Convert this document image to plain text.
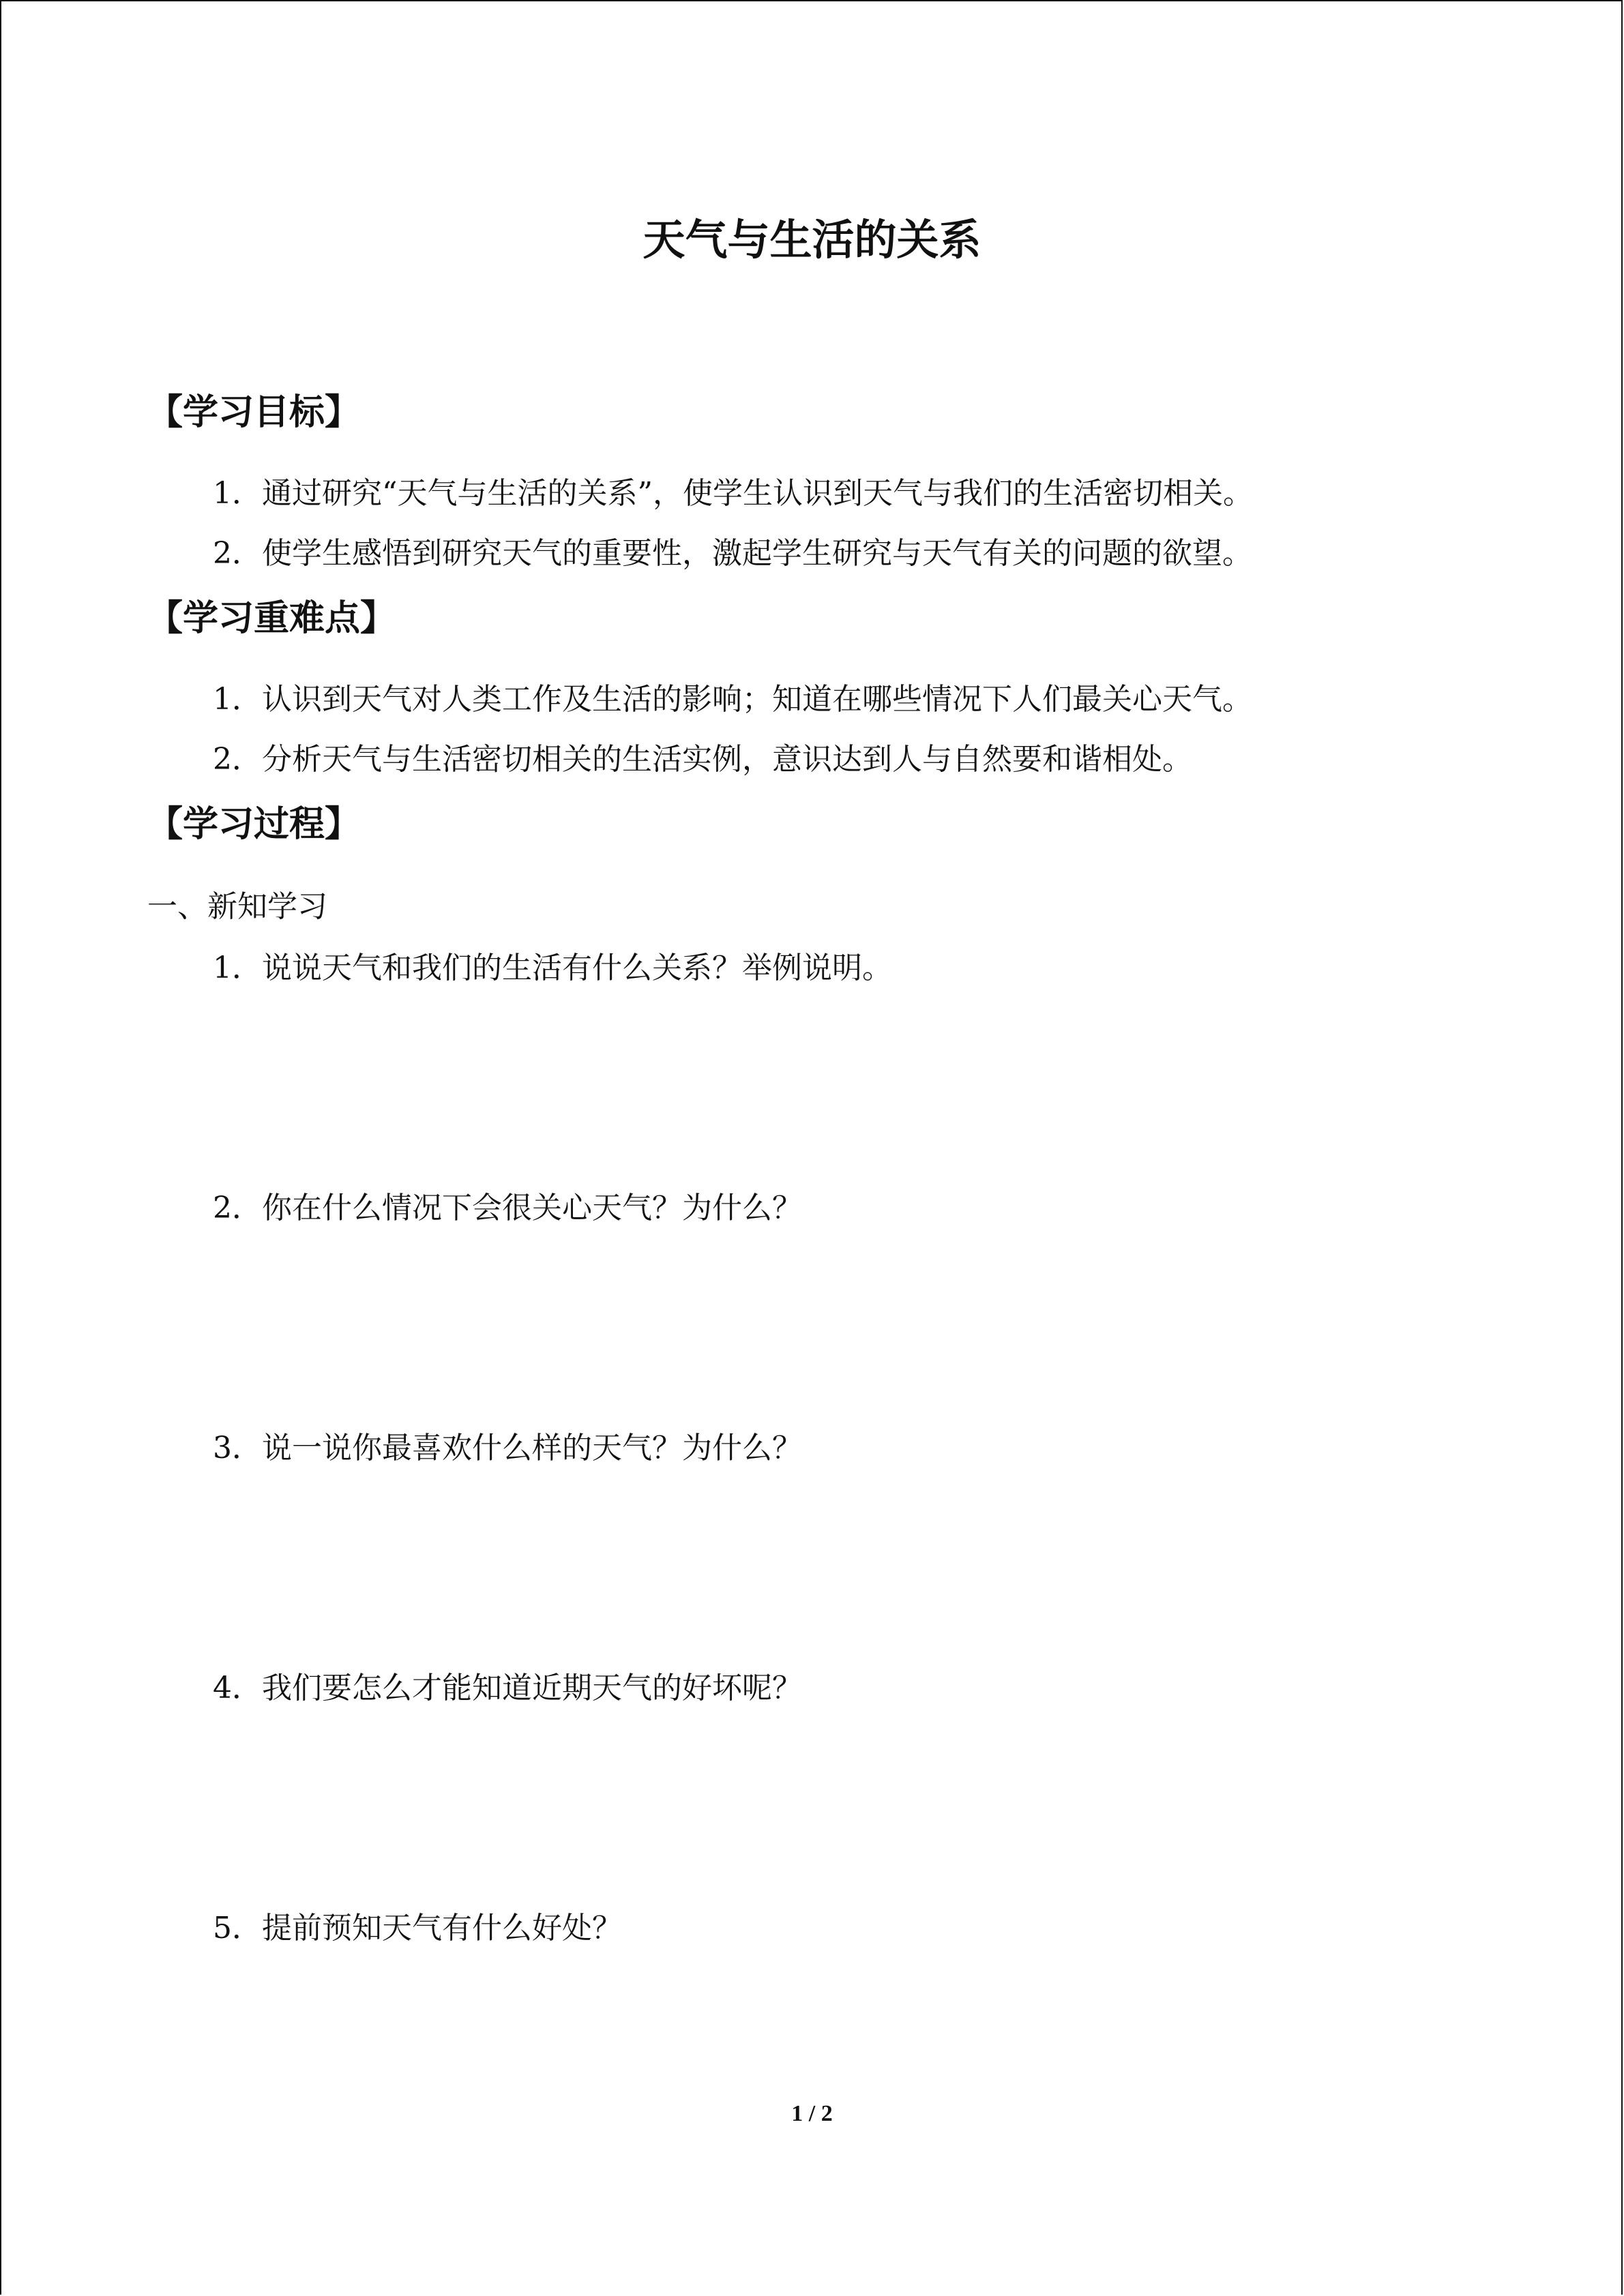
天气与生活的关系
【学习目标】
1．通过研究“天气与生活的关系”，使学生认识到天气与我们的生活密切相关。
2．使学生感悟到研究天气的重要性，激起学生研究与天气有关的问题的欲望。
【学习重难点】
1．认识到天气对人类工作及生活的影响；知道在哪些情况下人们最关心天气。
2．分析天气与生活密切相关的生活实例，意识达到人与自然要和谐相处。
【学习过程】
一、新知学习
1．说说天气和我们的生活有什么关系？举例说明。
2．你在什么情况下会很关心天气？为什么？
3．说一说你最喜欢什么样的天气？为什么？
4．我们要怎么才能知道近期天气的好坏呢？
5．提前预知天气有什么好处？
1 / 2
